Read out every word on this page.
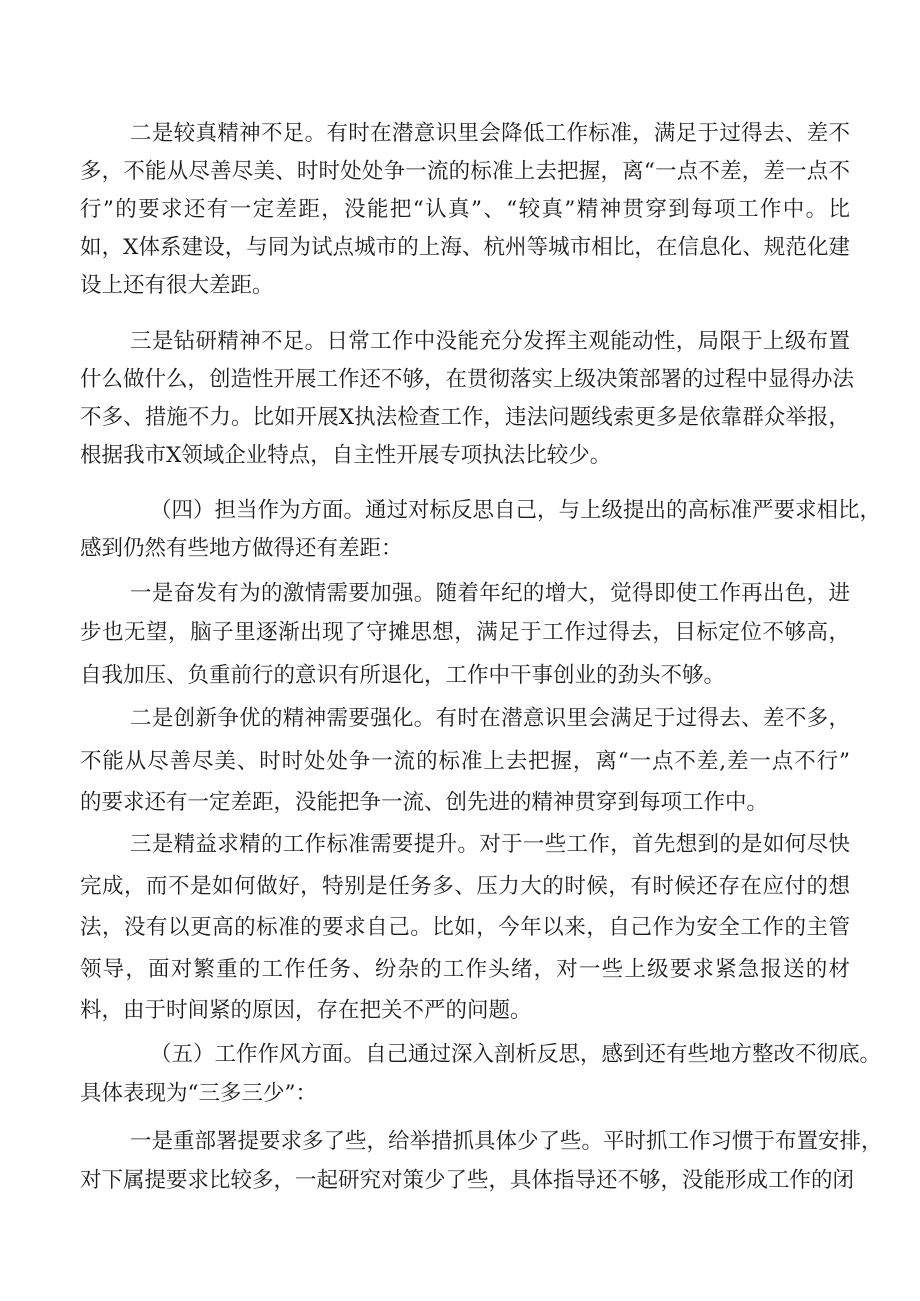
二是较真精神不足。有时在潜意识里会降低工作标准，满足于过得去、差不
多，不能从尽善尽美、时时处处争一流的标准上去把握，离“一点不差，差一点不
行”的要求还有一定差距，没能把“认真”、“较真”精神贯穿到每项工作中。比
如，X体系建设，与同为试点城市的上海、杭州等城市相比，在信息化、规范化建
设上还有很大差距。
三是钻研精神不足。日常工作中没能充分发挥主观能动性，局限于上级布置
什么做什么，创造性开展工作还不够，在贯彻落实上级决策部署的过程中显得办法
不多、措施不力。比如开展X执法检查工作，违法问题线索更多是依靠群众举报，
根据我市X领域企业特点，自主性开展专项执法比较少。
（四）担当作为方面。通过对标反思自己，与上级提出的高标准严要求相比，
感到仍然有些地方做得还有差距：
一是奋发有为的激情需要加强。随着年纪的增大，觉得即使工作再出色，进
步也无望，脑子里逐渐出现了守摊思想，满足于工作过得去，目标定位不够高，
自我加压、负重前行的意识有所退化，工作中干事创业的劲头不够。
二是创新争优的精神需要强化。有时在潜意识里会满足于过得去、差不多，
不能从尽善尽美、时时处处争一流的标准上去把握，离“一点不差,差一点不行”
的要求还有一定差距，没能把争一流、创先进的精神贯穿到每项工作中。
三是精益求精的工作标准需要提升。对于一些工作，首先想到的是如何尽快
完成，而不是如何做好，特别是任务多、压力大的时候，有时候还存在应付的想
法，没有以更高的标准的要求自己。比如，今年以来，自己作为安全工作的主管
领导，面对繁重的工作任务、纷杂的工作头绪，对一些上级要求紧急报送的材
料，由于时间紧的原因，存在把关不严的问题。
（五）工作作风方面。自己通过深入剖析反思，感到还有些地方整改不彻底。
具体表现为“三多三少”：
一是重部署提要求多了些，给举措抓具体少了些。平时抓工作习惯于布置安排，
对下属提要求比较多，一起研究对策少了些，具体指导还不够，没能形成工作的闭
